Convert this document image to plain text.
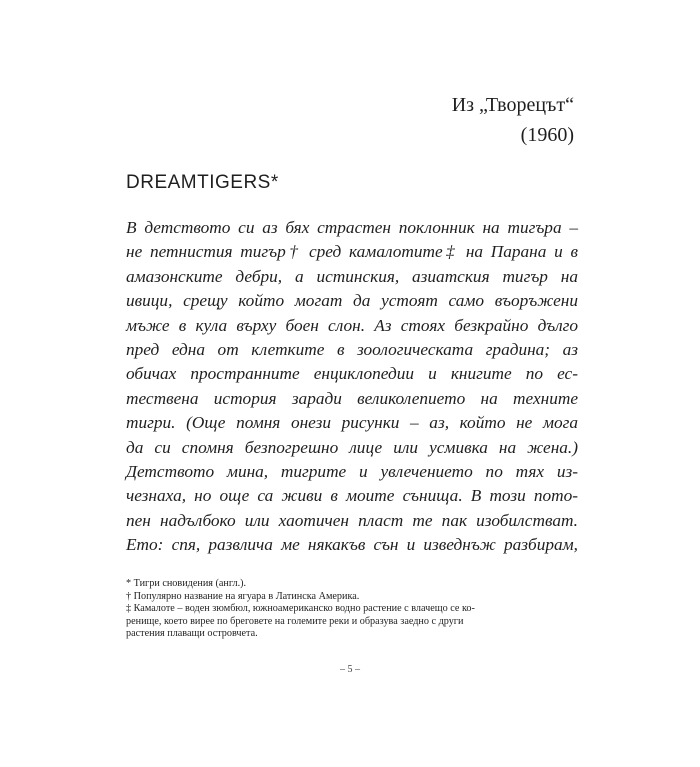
Из „Творецът“
(1960)
DREAMTIGERS*
В детството си аз бях страстен поклонник на тигъра –
не петнистия тигър† сред камалотите‡ на Парана и в
амазонските дебри, а истинския, азиатския тигър на
ивици, срещу който могат да устоят само въоръжени
мъже в кула върху боен слон. Аз стоях безкрайно дълго
пред една от клетките в зоологическата градина; аз
обичах пространните енциклопедии и книгите по ес-
тествена история заради великолепието на техните
тигри. (Още помня онези рисунки – аз, който не мога
да си спомня безпогрешно лице или усмивка на жена.)
Детството мина, тигрите и увлечението по тях из-
чезнаха, но още са живи в моите сънища. В този пото-
пен надълбоко или хаотичен пласт те пак изобилстват.
Ето: спя, развлича ме някакъв сън и изведнъж разбирам,
* Тигри сновидения (англ.).
† Популярно название на ягуара в Латинска Америка.
‡ Камалоте – воден зюмбюл, южноамериканско водно растение с влачещо се ко-
ренище, което вирее по бреговете на големите реки и образува заедно с други
растения плаващи островчета.
– 5 –
